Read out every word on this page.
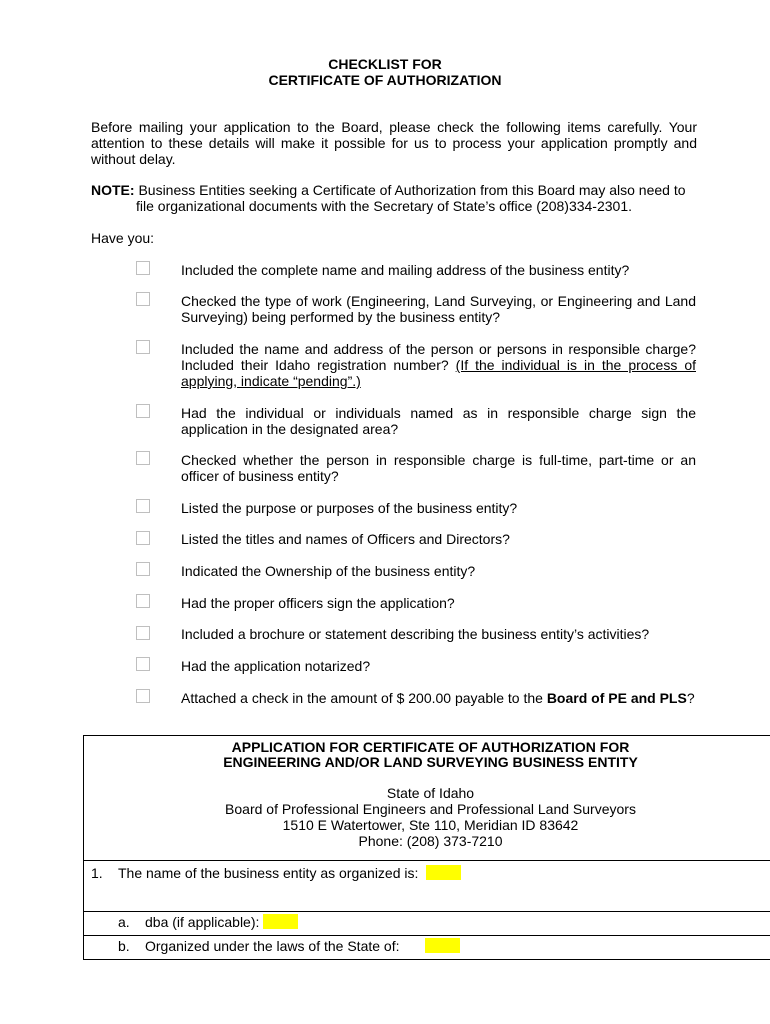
CHECKLIST FOR
CERTIFICATE OF AUTHORIZATION
Before mailing your application to the Board, please check the following items carefully. Your attention to these details will make it possible for us to process your application promptly and without delay.
NOTE: Business Entities seeking a Certificate of Authorization from this Board may also need to
file organizational documents with the Secretary of State’s office (208)334-2301.
Have you:
Included the complete name and mailing address of the business entity?
Checked the type of work (Engineering, Land Surveying, or Engineering and Land Surveying) being performed by the business entity?
Included the name and address of the person or persons in responsible charge? Included their Idaho registration number? (If the individual is in the process of applying, indicate “pending”.)
Had the individual or individuals named as in responsible charge sign the application in the designated area?
Checked whether the person in responsible charge is full-time, part-time or an officer of business entity?
Listed the purpose or purposes of the business entity?
Listed the titles and names of Officers and Directors?
Indicated the Ownership of the business entity?
Had the proper officers sign the application?
Included a brochure or statement describing the business entity’s activities?
Had the application notarized?
Attached a check in the amount of $ 200.00 payable to the Board of PE and PLS?
APPLICATION FOR CERTIFICATE OF AUTHORIZATION FOR
ENGINEERING AND/OR LAND SURVEYING BUSINESS ENTITY
State of Idaho
Board of Professional Engineers and Professional Land Surveyors
1510 E Watertower, Ste 110, Meridian ID 83642
Phone: (208) 373-7210
1. The name of the business entity as organized is:
a. dba (if applicable):
b. Organized under the laws of the State of:
